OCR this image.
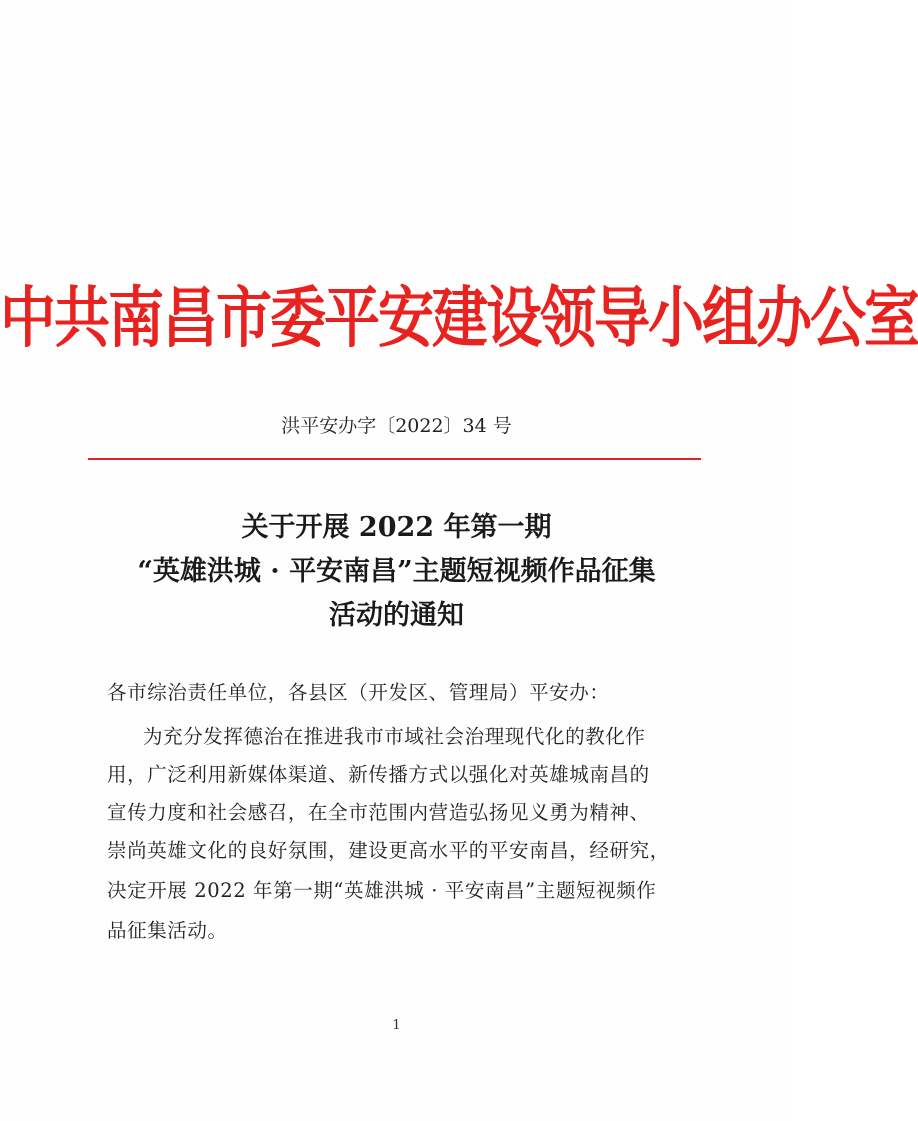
中共南昌市委平安建设领导小组办公室
洪平安办字〔2022〕34 号
关于开展 2022 年第一期
“英雄洪城 · 平安南昌”主题短视频作品征集
活动的通知
各市综治责任单位，各县区（开发区、管理局）平安办：
为充分发挥德治在推进我市市域社会治理现代化的教化作
用，广泛利用新媒体渠道、新传播方式以强化对英雄城南昌的
宣传力度和社会感召，在全市范围内营造弘扬见义勇为精神、
崇尚英雄文化的良好氛围，建设更高水平的平安南昌，经研究，
决定开展 2022 年第一期“英雄洪城 · 平安南昌”主题短视频作
品征集活动。
1
